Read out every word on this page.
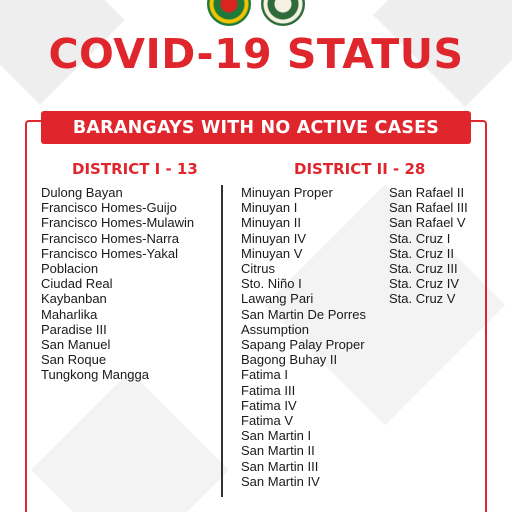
COVID-19 STATUS
BARANGAYS WITH NO ACTIVE CASES
DISTRICT I - 13	DISTRICT II - 28
Dulong Bayan
Francisco Homes-Guijo
Francisco Homes-Mulawin
Francisco Homes-Narra
Francisco Homes-Yakal
Poblacion
Ciudad Real
Kaybanban
Maharlika
Paradise III
San Manuel
San Roque
Tungkong Mangga
Minuyan Proper
Minuyan I
Minuyan II
Minuyan IV
Minuyan V
Citrus
Sto. Niño I
Lawang Pari
San Martin De Porres
Assumption
Sapang Palay Proper
Bagong Buhay II
Fatima I
Fatima III
Fatima IV
Fatima V
San Martin I
San Martin II
San Martin III
San Martin IV
San Rafael II
San Rafael III
San Rafael V
Sta. Cruz I
Sta. Cruz II
Sta. Cruz III
Sta. Cruz IV
Sta. Cruz V
